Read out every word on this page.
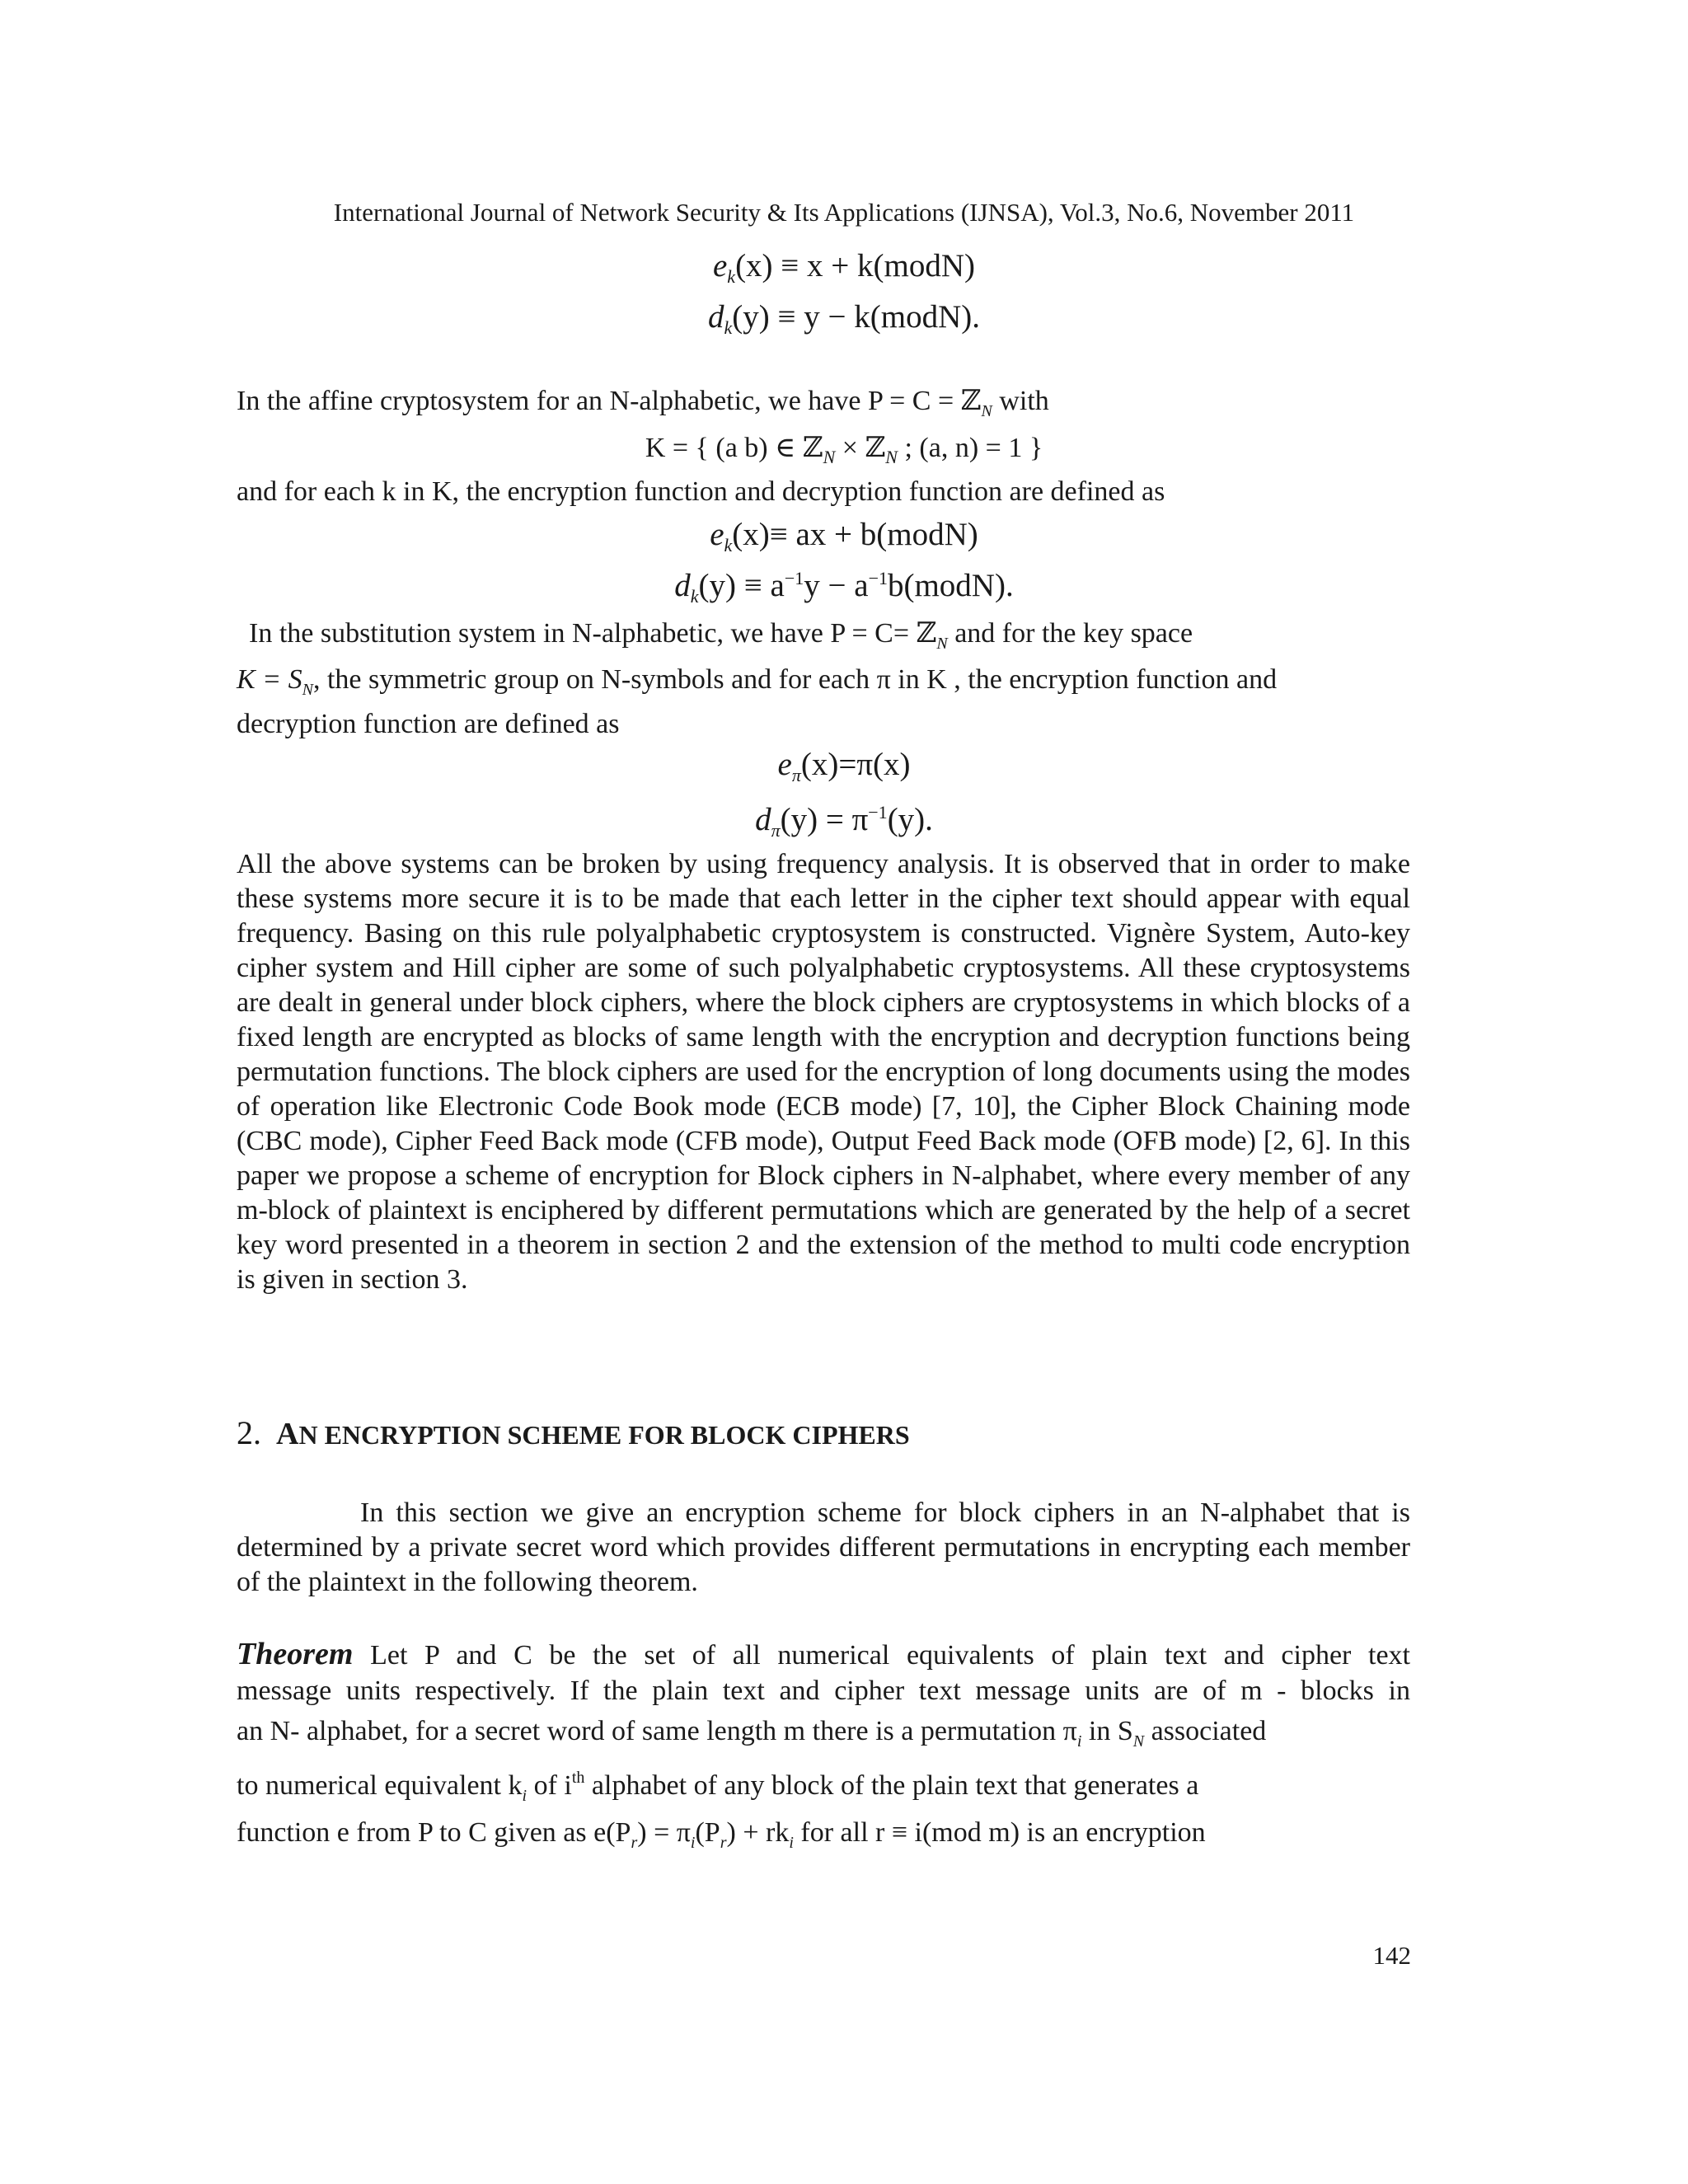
International Journal of Network Security & Its Applications (IJNSA), Vol.3, No.6, November 2011
$e_k(x) \equiv x$ + k(modN)
$d_k(y) \equiv y$ − k(modN).
In the affine cryptosystem for an N-alphabetic, we have P = C = ℤ$_N$ with
K = { (a b) ∈ ℤ$_N$ × ℤ$_N$ ; (a, n) = 1 }
and for each k in K, the encryption function and decryption function are defined as
$e_k(x)\equiv$ ax + b(modN)
$d_k(y) \equiv a^{-1}y$ − $a^{-1}b(modN)$.
In the substitution system in N-alphabetic, we have P = C= ℤ$_N$ and for the key space
$K = S_N$, the symmetric group on N-symbols and for each π in K , the encryption function and
decryption function are defined as
$e_\pi(x)=\pi(x)$
$d_\pi(y) = \pi^{-1}(y)$.
All the above systems can be broken by using frequency analysis. It is observed that in order to make these systems more secure it is to be made that each letter in the cipher text should appear with equal frequency. Basing on this rule polyalphabetic cryptosystem is constructed. Vignère System, Auto-key cipher system and Hill cipher are some of such polyalphabetic cryptosystems. All these cryptosystems are dealt in general under block ciphers, where the block ciphers are cryptosystems in which blocks of a fixed length are encrypted as blocks of same length with the encryption and decryption functions being permutation functions. The block ciphers are used for the encryption of long documents using the modes of operation like Electronic Code Book mode (ECB mode) [7, 10], the Cipher Block Chaining mode (CBC mode), Cipher Feed Back mode (CFB mode), Output Feed Back mode (OFB mode) [2, 6]. In this paper we propose a scheme of encryption for Block ciphers in N-alphabet, where every member of any m-block of plaintext is enciphered by different permutations which are generated by the help of a secret key word presented in a theorem in section 2 and the extension of the method to multi code encryption is given in section 3.
2. AN ENCRYPTION SCHEME FOR BLOCK CIPHERS
In this section we give an encryption scheme for block ciphers in an N-alphabet that is determined by a private secret word which provides different permutations in encrypting each member of the plaintext in the following theorem.
Theorem Let P and C be the set of all numerical equivalents of plain text and cipher text
message units respectively. If the plain text and cipher text message units are of m - blocks in
an N- alphabet, for a secret word of same length m there is a permutation $\pi_i$ in $S_N$ associated
to numerical equivalent $k_i$ of $i^{th}$ alphabet of any block of the plain text that generates a
function e from P to C given as $e(P_r) = \pi_i(P_r) + rk_i$ for all r ≡ i(mod m) is an encryption
142
